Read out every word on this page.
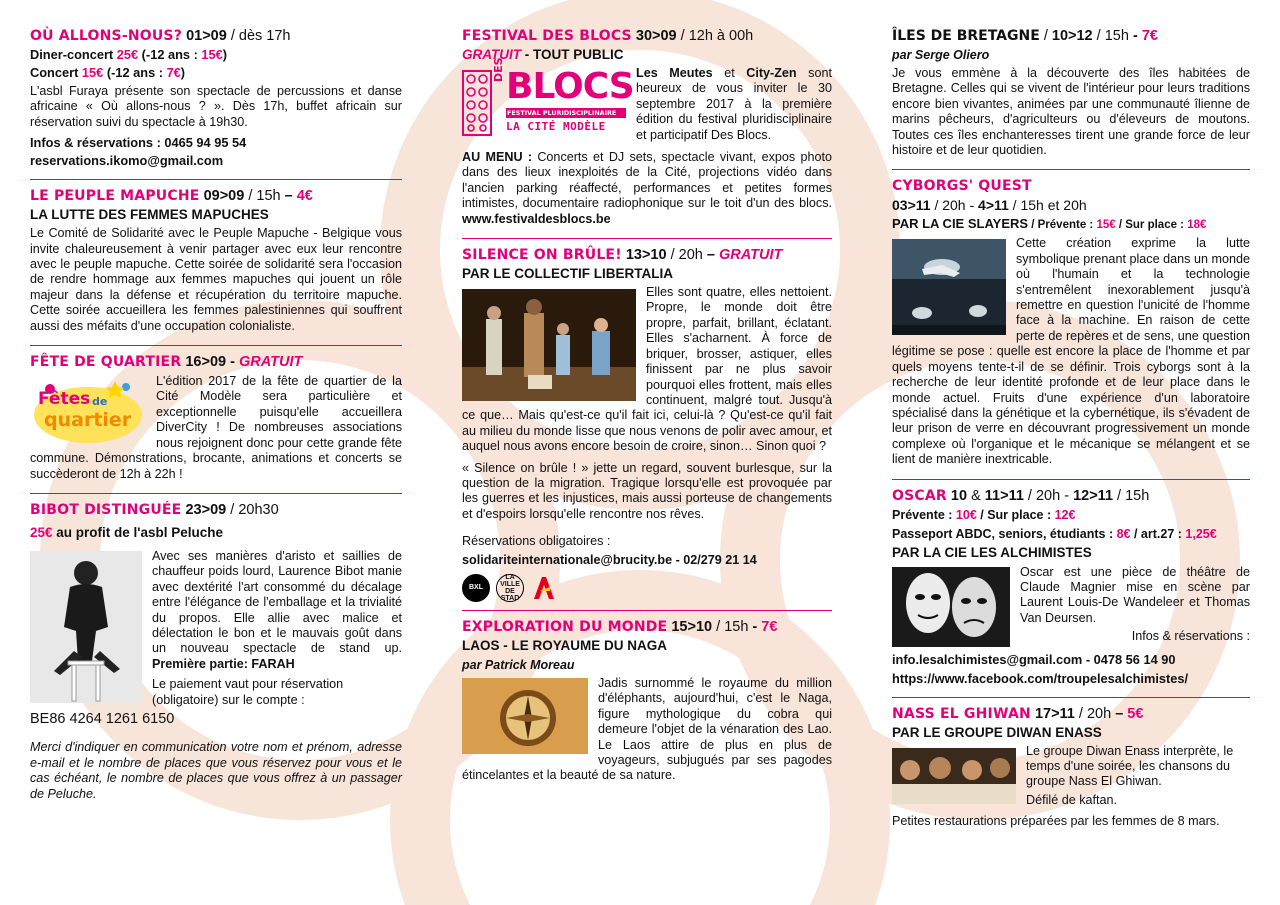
OÙ ALLONS-NOUS? 01>09 / dès 17h
Diner-concert 25€ (-12 ans : 15€)
Concert 15€ (-12 ans : 7€)

L'asbl Furaya présente son spectacle de percussions et danse africaine « Où allons-nous ? ». Dès 17h, buffet africain sur réservation suivi du spectacle à 19h30.

Infos & réservations : 0465 94 95 54
reservations.ikomo@gmail.com
LE PEUPLE MAPUCHE 09>09 / 15h – 4€
LA LUTTE DES FEMMES MAPUCHES

Le Comité de Solidarité avec le Peuple Mapuche - Belgique vous invite chaleureusement à venir partager avec eux leur rencontre avec le peuple mapuche. Cette soirée de solidarité sera l'occasion de rendre hommage aux femmes mapuches qui jouent un rôle majeur dans la défense et récupération du territoire mapuche. Cette soirée accueillera les femmes palestiniennes qui souffrent aussi des méfaits d'une occupation colonialiste.

FÊTE DE QUARTIER 16>09 - GRATUIT
Fêtes de
quartier

L'édition 2017 de la fête de quartier de la Cité Modèle sera particulière et exceptionnelle puisqu'elle accueillera DiverCity ! De nombreuses associations nous rejoignent donc pour cette grande fête commune. Démonstrations, brocante, animations et concerts se succèderont de 12h à 22h !

BIBOT DISTINGUÉE 23>09 / 20h30
25€ au profit de l'asbl Peluche

Avec ses manières d'aristo et saillies de chauffeur poids lourd, Laurence Bibot manie avec dextérité l'art consommé du décalage entre l'élégance de l'emballage et la trivialité du propos. Elle allie avec malice et délectation le bon et le mauvais goût dans un nouveau spectacle de stand up. Première partie: FARAH

Le paiement vaut pour réservation (obligatoire) sur le compte :

BE86 4264 1261 6150

Merci d'indiquer en communication votre nom et prénom, adresse e-mail et le nombre de places que vous réservez pour vous et le cas échéant, le nombre de places que vous offrez à un passager de Peluche.

FESTIVAL DES BLOCS 30>09 / 12h à 00h
GRATUIT - TOUT PUBLIC
DES BLOCS
FESTIVAL PLURIDISCIPLINAIRE
LA CITÉ MODÈLE

Les Meutes et City-Zen sont heureux de vous inviter le 30 septembre 2017 à la première édition du festival pluridisciplinaire et participatif Des Blocs.

AU MENU : Concerts et DJ sets, spectacle vivant, expos photo dans des lieux inexploités de la Cité, projections vidéo dans l'ancien parking réaffecté, performances et petites formes intimistes, documentaire radiophonique sur le toit d'un des blocs. www.festivaldesblocs.be

SILENCE ON BRÛLE! 13>10 / 20h – GRATUIT
PAR LE COLLECTIF LIBERTALIA

Elles sont quatre, elles nettoient. Propre, le monde doit être propre, parfait, brillant, éclatant. Elles s'acharnent. À force de briquer, brosser, astiquer, elles finissent par ne plus savoir pourquoi elles frottent, mais elles continuent, malgré tout. Jusqu'à ce que… Mais qu'est-ce qu'il fait ici, celui-là ? Qu'est-ce qu'il fait au milieu du monde lisse que nous venons de polir avec amour, et auquel nous avons encore besoin de croire, sinon… Sinon quoi ?

« Silence on brûle ! » jette un regard, souvent burlesque, sur la question de la migration. Tragique lorsqu'elle est provoquée par les guerres et les injustices, mais aussi porteuse de changements et d'espoirs lorsqu'elle rencontre nos rêves.

Réservations obligatoires :

solidariteinternationale@brucity.be - 02/279 21 14

BXL
LA VILLE DE STAD
EXPLORATION DU MONDE 15>10 / 15h - 7€
LAOS - LE ROYAUME DU NAGA
par Patrick Moreau

Jadis surnommé le royaume du million d'éléphants, aujourd'hui, c'est le Naga, figure mythologique du cobra qui demeure l'objet de la vénaration des Lao. Le Laos attire de plus en plus de voyageurs, subjugués par ses pagodes étincelantes et la beauté de sa nature.

ÎLES DE BRETAGNE / 10>12 / 15h - 7€
par Serge Oliero

Je vous emmène à la découverte des îles habitées de Bretagne. Celles qui se vivent de l'intérieur pour leurs traditions encore bien vivantes, animées par une communauté îlienne de marins pêcheurs, d'agriculteurs ou d'éleveurs de moutons. Toutes ces îles enchanteresses tirent une grande force de leur histoire et de leur quotidien.

CYBORGS' QUEST
03>11 / 20h - 4>11 / 15h et 20h
PAR LA CIE SLAYERS / Prévente : 15€ / Sur place : 18€

Cette création exprime la lutte symbolique prenant place dans un monde où l'humain et la technologie s'entremêlent inexorablement jusqu'à remettre en question l'unicité de l'homme face à la machine. En raison de cette perte de repères et de sens, une question légitime se pose : quelle est encore la place de l'homme et par quels moyens tente-t-il de se définir. Trois cyborgs sont à la recherche de leur identité profonde et de leur place dans le monde actuel. Fruits d'une expérience d'un laboratoire spécialisé dans la génétique et la cybernétique, ils s'évadent de leur prison de verre en découvrant progressivement un monde complexe où l'organique et le mécanique se mélangent et se lient de manière inextricable.

OSCAR 10 & 11>11 / 20h - 12>11 / 15h
Prévente : 10€ / Sur place : 12€
Passeport ABDC, seniors, étudiants : 8€ / art.27 : 1,25€
PAR LA CIE LES ALCHIMISTES

Oscar est une pièce de théâtre de Claude Magnier mise en scène par Laurent Louis-De Wandeleer et Thomas Van Deursen.

Infos & réservations :

info.lesalchimistes@gmail.com - 0478 56 14 90
https://www.facebook.com/troupelesalchimistes/
NASS EL GHIWAN 17>11 / 20h – 5€
PAR LE GROUPE DIWAN ENASS

Le groupe Diwan Enass interprète, le temps d'une soirée, les chansons du groupe Nass El Ghiwan.

Défilé de kaftan.

Petites restaurations préparées par les femmes de 8 mars.
